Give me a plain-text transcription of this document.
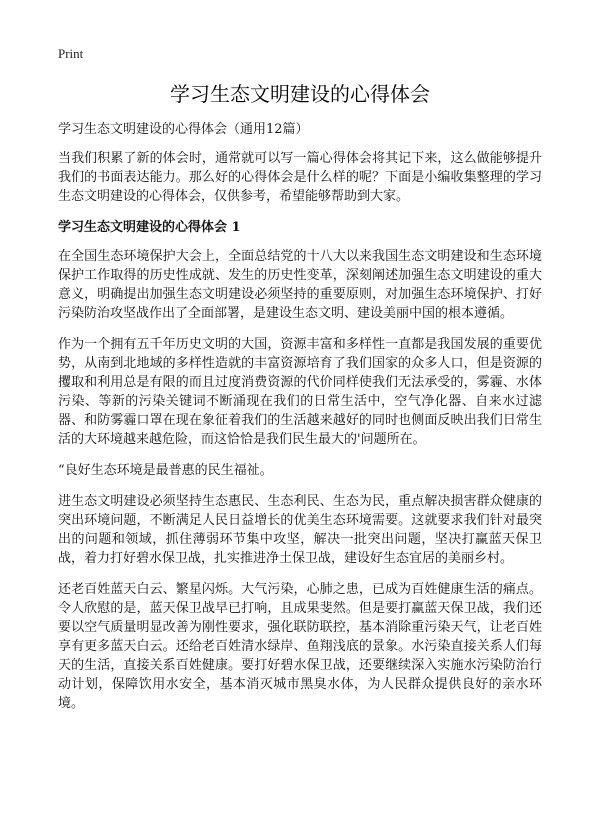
Print
学习生态文明建设的心得体会

学习生态文明建设的心得体会（通用12篇）

当我们积累了新的体会时，通常就可以写一篇心得体会将其记下来，这么做能够提升我们的书面表达能力。那么好的心得体会是什么样的呢？下面是小编收集整理的学习生态文明建设的心得体会，仅供参考，希望能够帮助到大家。

学习生态文明建设的心得体会 1

在全国生态环境保护大会上，全面总结党的十八大以来我国生态文明建设和生态环境保护工作取得的历史性成就、发生的历史性变革，深刻阐述加强生态文明建设的重大意义，明确提出加强生态文明建设必须坚持的重要原则，对加强生态环境保护、打好污染防治攻坚战作出了全面部署，是建设生态文明、建设美丽中国的根本遵循。

作为一个拥有五千年历史文明的大国，资源丰富和多样性一直都是我国发展的重要优势，从南到北地域的多样性造就的丰富资源培育了我们国家的众多人口，但是资源的攫取和利用总是有限的而且过度消费资源的代价同样使我们无法承受的，雾霾、水体污染、等新的污染关键词不断涌现在我们的日常生活中，空气净化器、自来水过滤器、和防雾霾口罩在现在象征着我们的生活越来越好的同时也侧面反映出我们日常生活的大环境越来越危险，而这恰恰是我们民生最大的'问题所在。

“良好生态环境是最普惠的民生福祉。

进生态文明建设必须坚持生态惠民、生态利民、生态为民，重点解决损害群众健康的突出环境问题，不断满足人民日益增长的优美生态环境需要。这就要求我们针对最突出的问题和领域，抓住薄弱环节集中攻坚，解决一批突出问题，坚决打赢蓝天保卫战，着力打好碧水保卫战，扎实推进净土保卫战，建设好生态宜居的美丽乡村。

还老百姓蓝天白云、繁星闪烁。大气污染，心肺之患，已成为百姓健康生活的痛点。令人欣慰的是，蓝天保卫战早已打响，且成果斐然。但是要打赢蓝天保卫战，我们还要以空气质量明显改善为刚性要求，强化联防联控，基本消除重污染天气，让老百姓享有更多蓝天白云。还给老百姓清水绿岸、鱼翔浅底的景象。水污染直接关系人们每天的生活，直接关系百姓健康。要打好碧水保卫战，还要继续深入实施水污染防治行动计划，保障饮用水安全，基本消灭城市黑臭水体，为人民群众提供良好的亲水环境。
